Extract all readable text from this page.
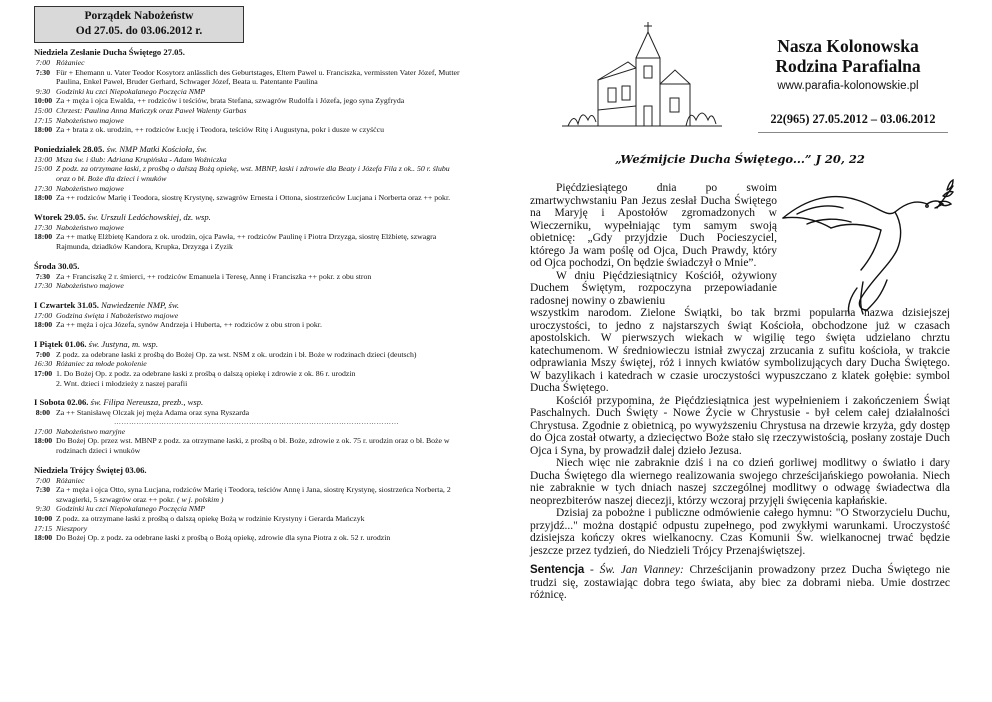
Porządek Nabożeństw
Od 27.05. do 03.06.2012 r.
Niedziela Zesłanie Ducha Świętego 27.05.
7:00 Różaniec
7:30 Für + Ehemann u. Vater Teodor Kosytorz anlässlich des Geburtstages, Eltern Pawel u. Franciszka, vermissten Vater Józef, Mutter Paulina, Enkel Paweł, Bruder Gerhard, Schwager Józef, Beata u. Patentante Paulina
9:30 Godzinki ku czci Niepokalanego Poczęcia NMP
10:00 Za + męża i ojca Ewalda, ++ rodziców i teściów, brata Stefana, szwagrów Rudolfa i Józefa, jego syna Zygfryda
15:00 Chrzest: Paulina Anna Mańczyk oraz Paweł Walenty Garbas
17:15 Nabożeństwo majowe
18:00 Za + brata z ok. urodzin, ++ rodziców Łucję i Teodora, teściów Ritę i Augustyna, pokr i dusze w czyśćcu
Poniedziałek 28.05. św. NMP Matki Kościoła, św.
13:00 Msza św. i ślub: Adriana Krupińska - Adam Woźniczka
15:00 Z podz. za otrzymane łaski, z prośbą o dalszą Bożą opiekę, wst. MBNP, łaski i zdrowie dla Beaty i Józefa Fila z ok.. 50 r. ślubu oraz o bł. Boże dla dzieci i wnuków
17:30 Nabożeństwo majowe
18:00 Za ++ rodziców Marię i Teodora, siostrę Krystynę, szwagrów Ernesta i Ottona, siostrzeńców Lucjana i Norberta oraz ++ pokr.
Wtorek 29.05. św. Urszuli Ledóchowskiej, dz. wsp.
17:30 Nabożeństwo majowe
18:00 Za ++ matkę Elżbietę Kandora z ok. urodzin, ojca Pawła, ++ rodziców Paulinę i Piotra Drzyzga, siostrę Elżbietę, szwagra Rajmunda, dziadków Kandora, Krupka, Drzyzga i Zyzik
Środa 30.05.
7:30 Za + Franciszkę 2 r. śmierci, ++ rodziców Emanuela i Teresę, Annę i Franciszka ++ pokr. z obu stron
17:30 Nabożeństwo majowe
I Czwartek 31.05. Nawiedzenie NMP, św.
17:00 Godzina święta i Nabożeństwo majowe
18:00 Za ++ męża i ojca Józefa, synów Andrzeja i Huberta, ++ rodziców z obu stron i pokr.
I Piątek 01.06. św. Justyna, m. wsp.
7:00 Z podz. za odebrane łaski z prośbą do Bożej Op. za wst. NSM z ok. urodzin i bł. Boże w rodzinach dzieci (deutsch)
16:30 Różaniec za młode pokolenie
17:00 1. Do Bożej Op. z podz. za odebrane łaski z prośbą o dalszą opiekę i zdrowie z ok. 86 r. urodzin
2. Wnt. dzieci i młodzieży z naszej parafii
I Sobota 02.06. św. Filipa Nereusza, prezb., wsp.
8:00 Za ++ Stanisławę Olczak jej męża Adama oraz syna Ryszarda
……………………………………………………………………………………………………
17:00 Nabożeństwo maryjne
18:00 Do Bożej Op. przez wst. MBNP z podz. za otrzymane łaski, z prośbą o bł. Boże, zdrowie z ok. 75 r. urodzin oraz o bł. Boże w rodzinach dzieci i wnuków
Niedziela Trójcy Świętej 03.06.
7:00 Różaniec
7:30 Za + męża i ojca Otto, syna Lucjana, rodziców Marię i Teodora, teściów Annę i Jana, siostrę Krystynę, siostrzeńca Norberta, 2 szwagierki, 5 szwagrów oraz ++ pokr. ( w j. polskim )
9:30 Godzinki ku czci Niepokalanego Poczęcia NMP
10:00 Z podz. za otrzymane łaski z prośbą o dalszą opiekę Bożą w rodzinie Krystyny i Gerarda Mańczyk
17:15 Nieszpory
18:00 Do Bożej Op. z podz. za odebrane łaski z prośbą o Bożą opiekę, zdrowie dla syna Piotra z ok. 52 r. urodzin
Nasza Kolonowska
Rodzina Parafialna
www.parafia-kolonowskie.pl
22(965) 27.05.2012 – 03.06.2012
„Weźmijcie Ducha Świętego...” J 20, 22

Pięćdziesiątego dnia po swoim zmartwychwstaniu Pan Jezus zesłał Ducha Świętego na Maryję i Apostołów zgromadzonych w Wieczerniku, wypełniając tym samym swoją obietnicę: „Gdy przyjdzie Duch Pocieszyciel, którego Ja wam poślę od Ojca, Duch Prawdy, który od Ojca pochodzi, On będzie świadczył o Mnie”.

W dniu Pięćdziesiątnicy Kościół, ożywiony Duchem Świętym, rozpoczyna przepowiadanie radosnej nowiny o zbawieniu

wszystkim narodom. Zielone Świątki, bo tak brzmi popularna nazwa dzisiejszej uroczystości, to jedno z najstarszych świąt Kościoła, obchodzone już w czasach apostolskich. W pierwszych wiekach w wigilię tego święta udzielano chrztu katechumenom. W średniowieczu istniał zwyczaj zrzucania z sufitu kościoła, w trakcie odprawiania Mszy świętej, róż i innych kwiatów symbolizujących dary Ducha Świętego. W bazylikach i katedrach w czasie uroczystości wypuszczano z klatek gołębie: symbol Ducha Świętego.

Kościół przypomina, że Pięćdziesiątnica jest wypełnieniem i zakończeniem Świąt Paschalnych. Duch Święty - Nowe Życie w Chrystusie - był celem całej działalności Chrystusa. Zgodnie z obietnicą, po wywyższeniu Chrystusa na drzewie krzyża, gdy dostęp do Ojca został otwarty, a dziecięctwo Boże stało się rzeczywistością, posłany zostaje Duch Ojca i Syna, by prowadził dalej dzieło Jezusa.

Niech więc nie zabraknie dziś i na co dzień gorliwej modlitwy o światło i dary Ducha Świętego dla wiernego realizowania swojego chrześcijańskiego powołania. Niech nie zabraknie w tych dniach naszej szczególnej modlitwy o odwagę świadectwa dla neoprezbiterów naszej diecezji, którzy wczoraj przyjęli święcenia kapłańskie.

Dzisiaj za pobożne i publiczne odmówienie całego hymnu: "O Stworzycielu Duchu, przyjdź..." można dostąpić odpustu zupełnego, pod zwykłymi warunkami. Uroczystość dzisiejsza kończy okres wielkanocny. Czas Komunii Św. wielkanocnej trwać będzie jeszcze przez tydzień, do Niedzieli Trójcy Przenajświętszej.

Sentencja - Św. Jan Vianney: Chrześcijanin prowadzony przez Ducha Świętego nie trudzi się, zostawiając dobra tego świata, aby biec za dobrami nieba. Umie dostrzec różnicę.
